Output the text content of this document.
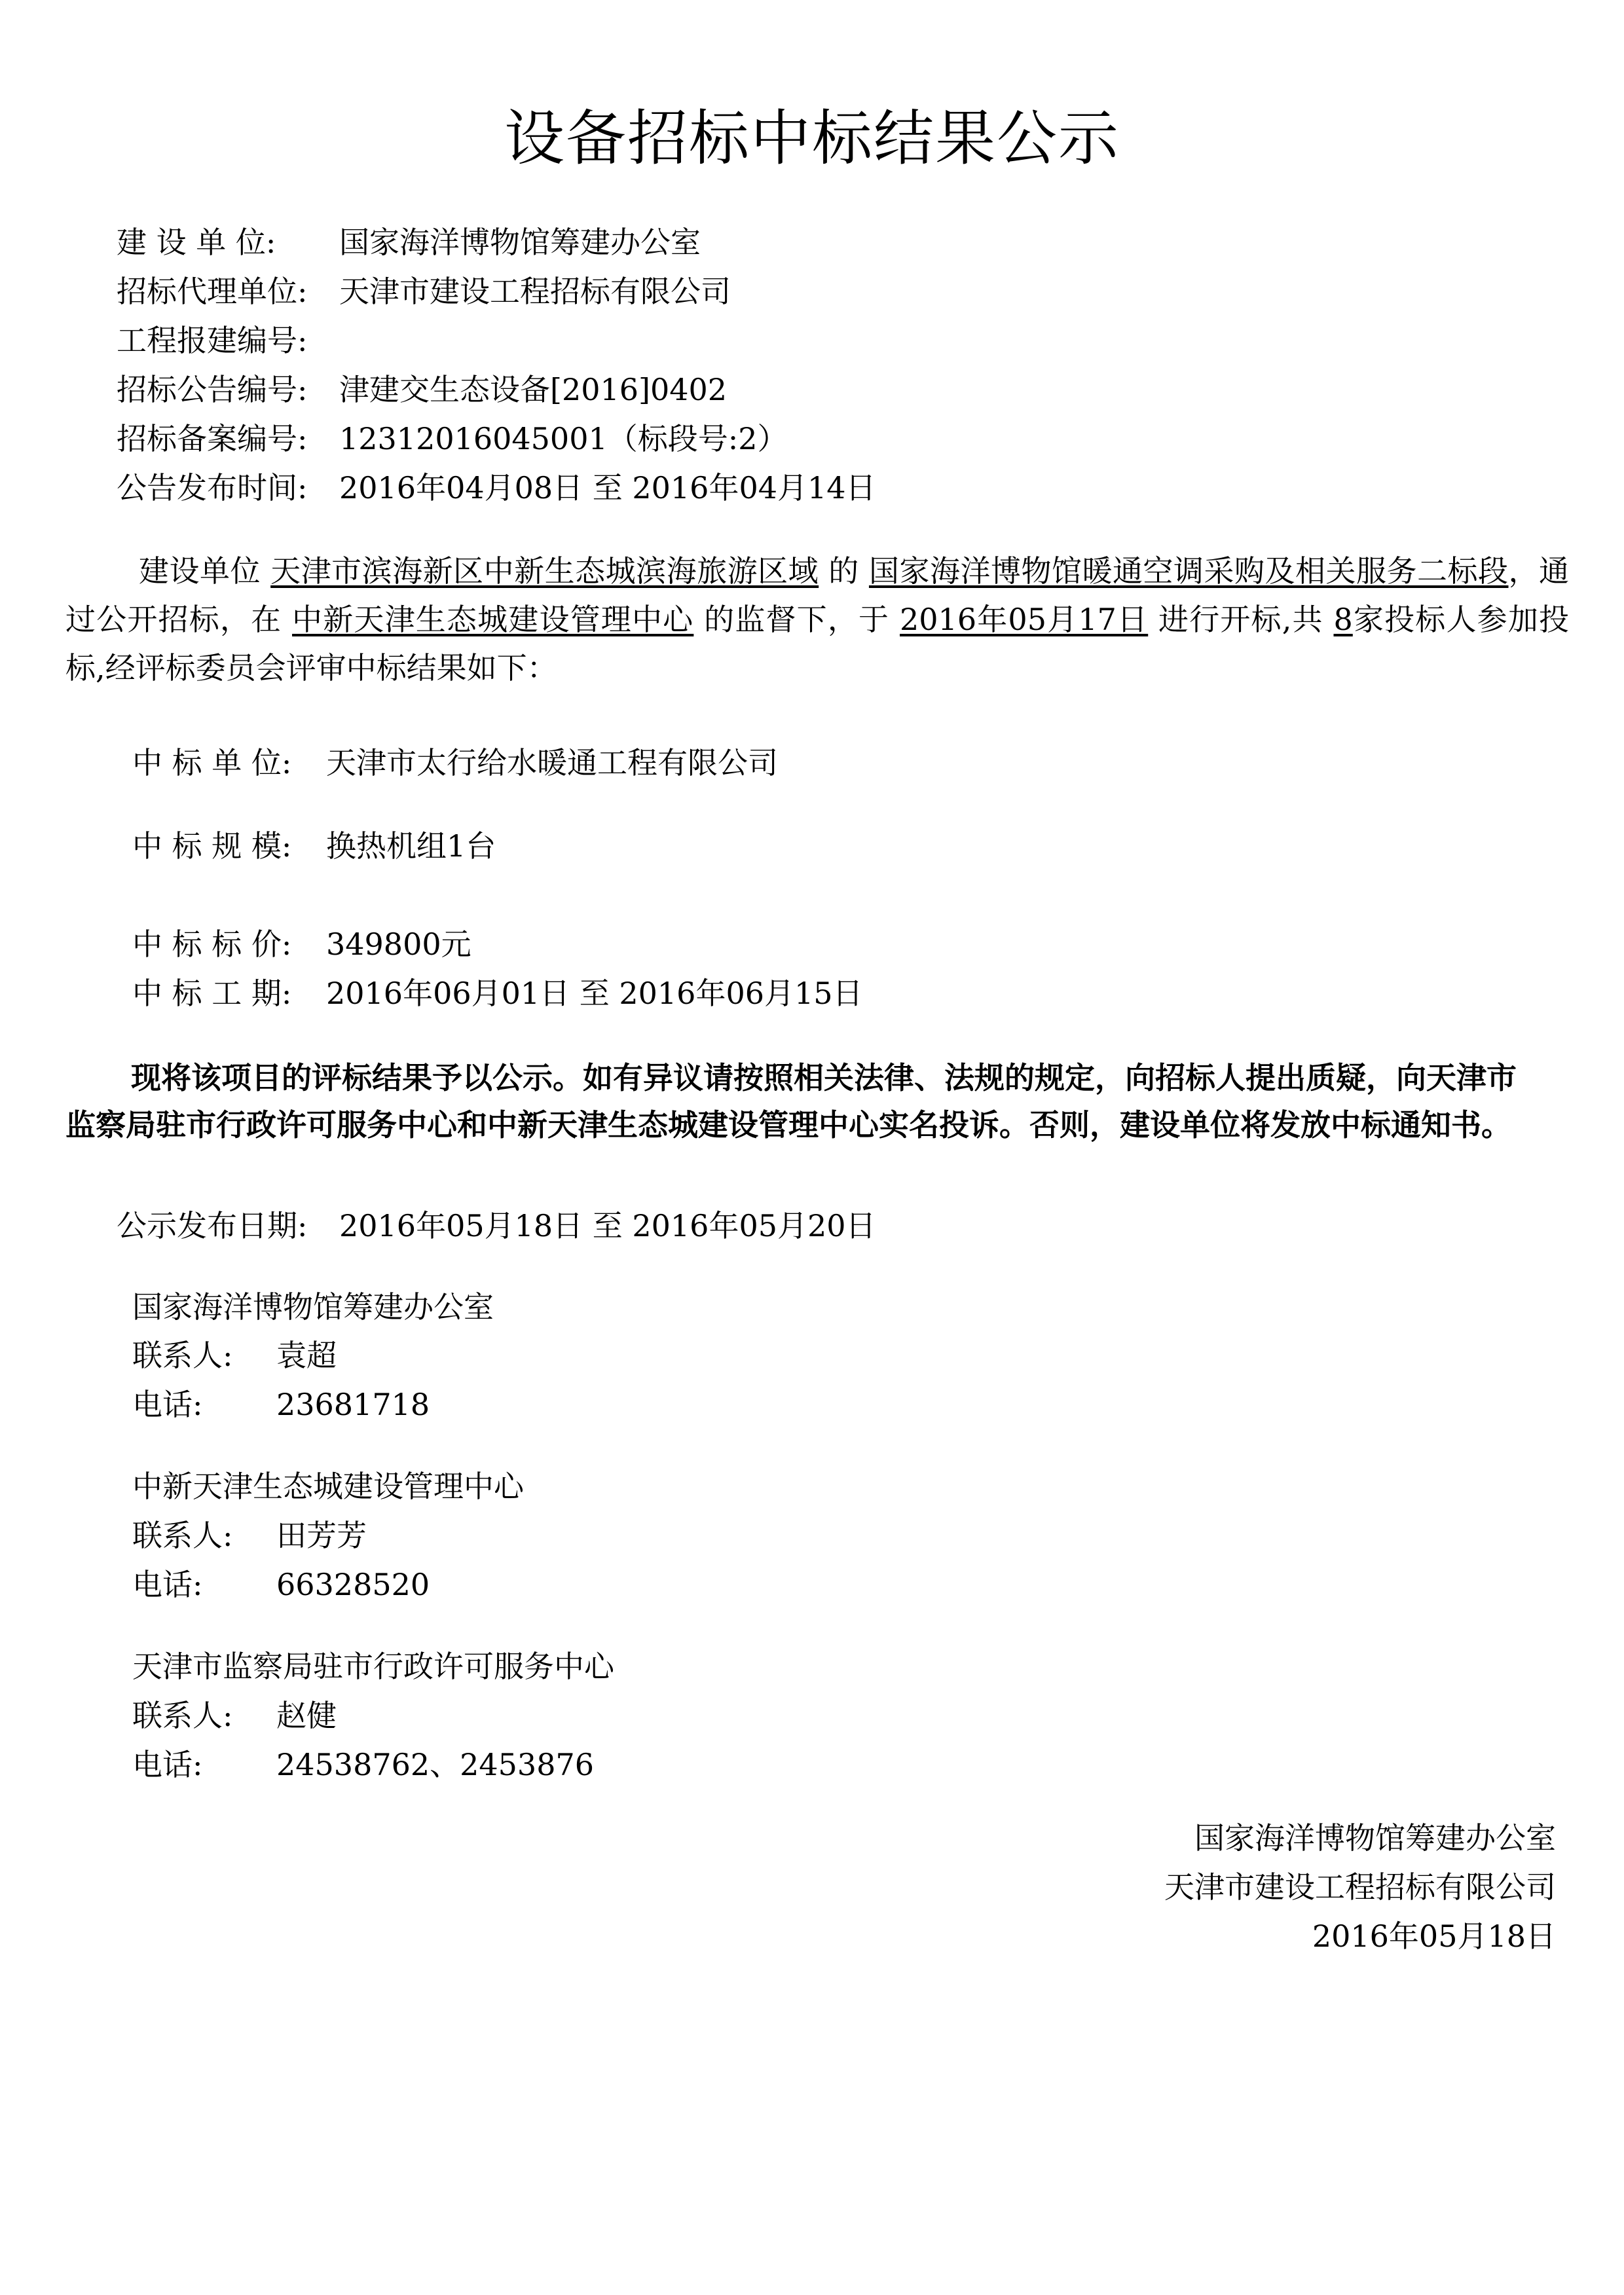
设备招标中标结果公示
建 设 单 位: 国家海洋博物馆筹建办公室
招标代理单位: 天津市建设工程招标有限公司
工程报建编号:
招标公告编号: 津建交生态设备[2016]0402
招标备案编号: 12312016045001（标段号:2）
公告发布时间: 2016年04月08日 至 2016年04月14日
建设单位 天津市滨海新区中新生态城滨海旅游区域 的 国家海洋博物馆暖通空调采购及相关服务二标段，通过公开招标，在 中新天津生态城建设管理中心 的监督下，于 2016年05月17日 进行开标,共 8家投标人参加投标,经评标委员会评审中标结果如下：
中 标 单 位: 天津市太行给水暖通工程有限公司
中 标 规 模: 换热机组1台
中 标 标 价: 349800元
中 标 工 期: 2016年06月01日 至 2016年06月15日
现将该项目的评标结果予以公示。如有异议请按照相关法律、法规的规定，向招标人提出质疑，向天津市监察局驻市行政许可服务中心和中新天津生态城建设管理中心实名投诉。否则，建设单位将发放中标通知书。
公示发布日期: 2016年05月18日 至 2016年05月20日
国家海洋博物馆筹建办公室
联系人: 袁超
电话: 23681718
中新天津生态城建设管理中心
联系人: 田芳芳
电话: 66328520
天津市监察局驻市行政许可服务中心
联系人: 赵健
电话: 24538762、2453876
国家海洋博物馆筹建办公室
天津市建设工程招标有限公司
2016年05月18日
